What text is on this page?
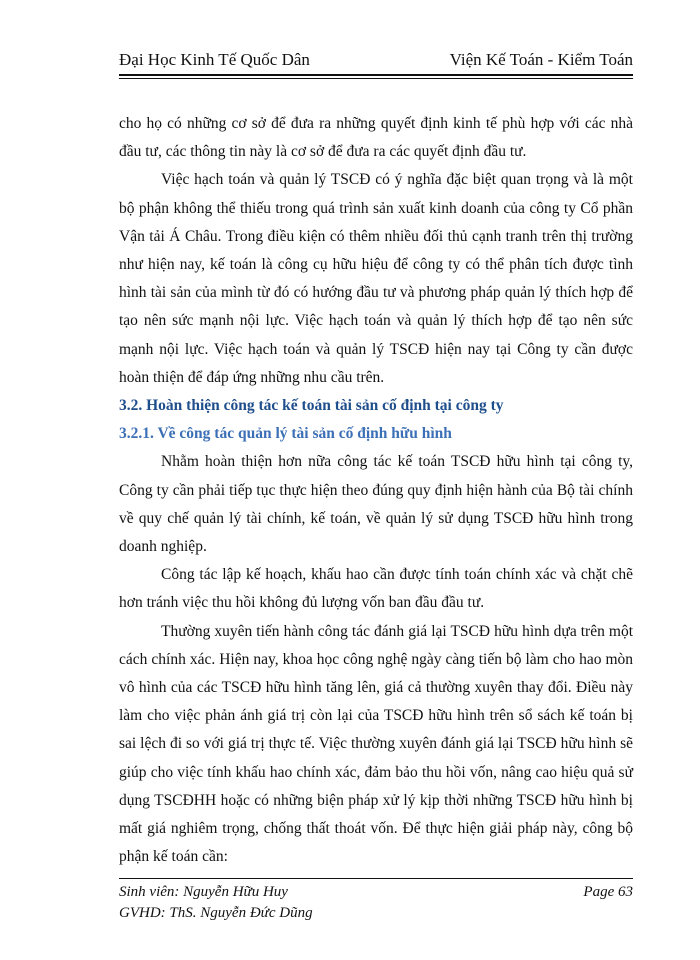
Đại Học Kinh Tế Quốc Dân	Viện Kế Toán - Kiểm Toán

cho họ có những cơ sở để đưa ra những quyết định kinh tế phù hợp với các nhà đầu tư, các thông tin này là cơ sở để đưa ra các quyết định đầu tư.

Việc hạch toán và quản lý TSCĐ có ý nghĩa đặc biệt quan trọng và là một bộ phận không thể thiếu trong quá trình sản xuất kinh doanh của công ty Cổ phần Vận tải Á Châu. Trong điều kiện có thêm nhiều đối thủ cạnh tranh trên thị trường như hiện nay, kế toán là công cụ hữu hiệu để công ty có thể phân tích được tình hình tài sản của mình từ đó có hướng đầu tư và phương pháp quản lý thích hợp để tạo nên sức mạnh nội lực. Việc hạch toán và quản lý thích hợp để tạo nên sức mạnh nội lực. Việc hạch toán và quản lý TSCĐ hiện nay tại Công ty cần được hoàn thiện để đáp ứng những nhu cầu trên.

3.2. Hoàn thiện công tác kế toán tài sản cố định tại công ty
3.2.1. Về công tác quản lý tài sản cố định hữu hình

Nhằm hoàn thiện hơn nữa công tác kế toán TSCĐ hữu hình tại công ty, Công ty cần phải tiếp tục thực hiện theo đúng quy định hiện hành của Bộ tài chính về quy chế quản lý tài chính, kế toán, về quản lý sử dụng TSCĐ hữu hình trong doanh nghiệp.

Công tác lập kế hoạch, khấu hao cần được tính toán chính xác và chặt chẽ hơn tránh việc thu hồi không đủ lượng vốn ban đầu đầu tư.

Thường xuyên tiến hành công tác đánh giá lại TSCĐ hữu hình dựa trên một cách chính xác. Hiện nay, khoa học công nghệ ngày càng tiến bộ làm cho hao mòn vô hình của các TSCĐ hữu hình tăng lên, giá cả thường xuyên thay đổi. Điều này làm cho việc phản ánh giá trị còn lại của TSCĐ hữu hình trên sổ sách kế toán bị sai lệch đi so với giá trị thực tế. Việc thường xuyên đánh giá lại TSCĐ hữu hình sẽ giúp cho việc tính khấu hao chính xác, đảm bảo thu hồi vốn, nâng cao hiệu quả sử dụng TSCĐHH hoặc có những biện pháp xử lý kịp thời những TSCĐ hữu hình bị mất giá nghiêm trọng, chống thất thoát vốn. Để thực hiện giải pháp này, công bộ phận kế toán cần:

Sinh viên: Nguyễn Hữu Huy	Page 63
GVHD: ThS. Nguyễn Đức Dũng
